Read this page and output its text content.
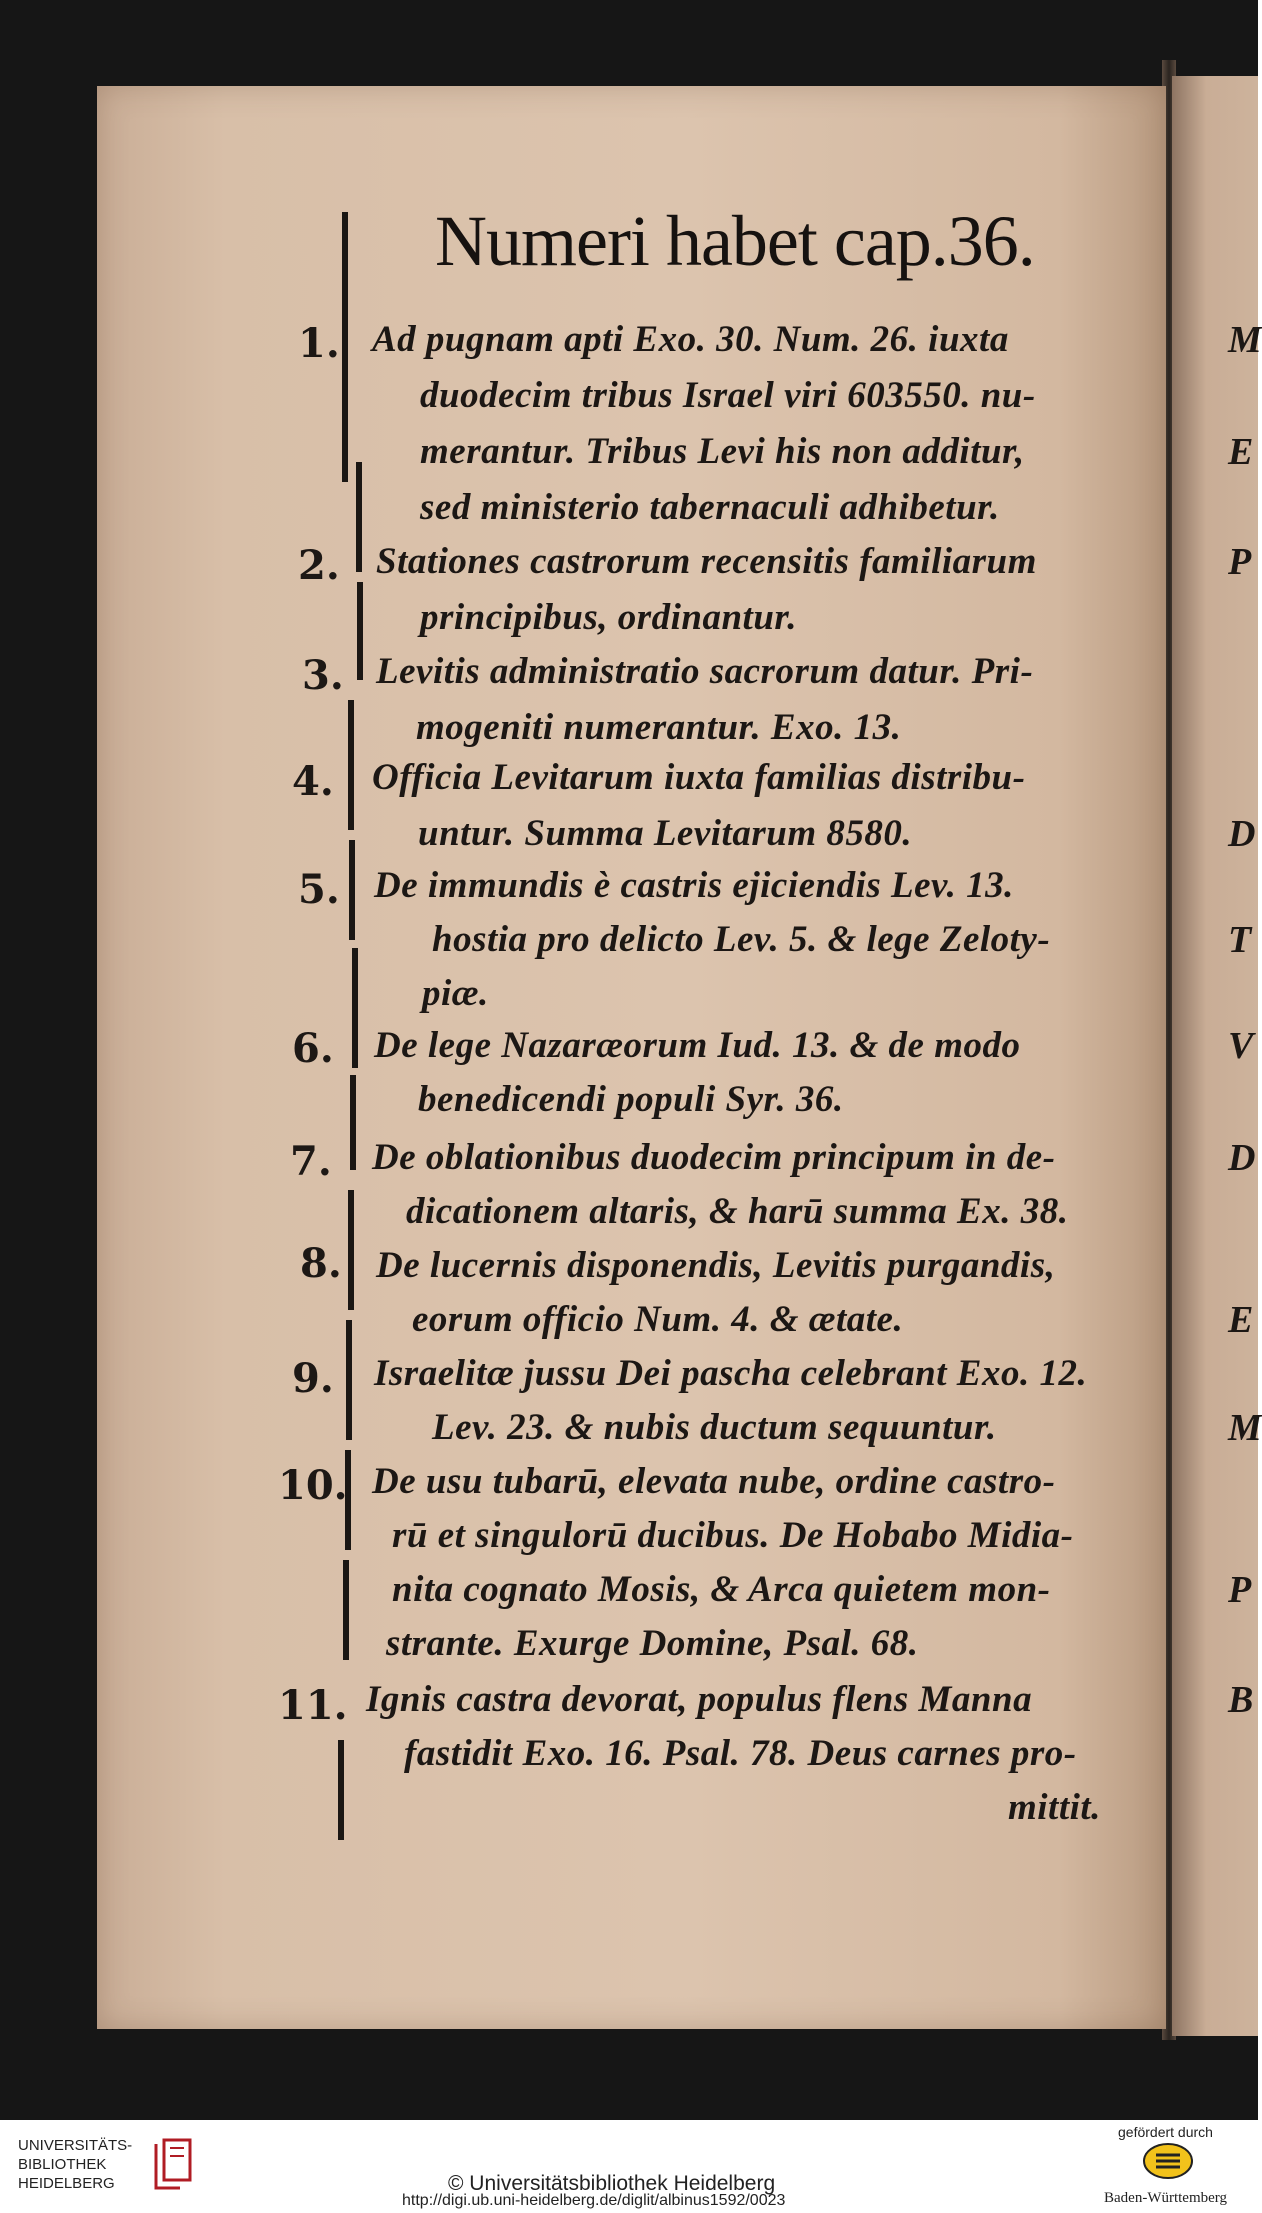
Numeri habet cap.36.
1.
2.
3.
4.
5.
6.
7.
8.
9.
10.
11.
Ad pugnam apti Exo. 30. Num. 26. iuxta
duodecim tribus Israel viri 603550. nu-
merantur. Tribus Levi his non additur,
sed ministerio tabernaculi adhibetur.
Stationes castrorum recensitis familiarum
principibus, ordinantur.
Levitis administratio sacrorum datur. Pri-
mogeniti numerantur. Exo. 13.
Officia Levitarum iuxta familias distribu-
untur. Summa Levitarum 8580.
De immundis è castris ejiciendis Lev. 13.
hostia pro delicto Lev. 5. & lege Zeloty-
piæ.
De lege Nazaræorum Iud. 13. & de modo
benedicendi populi Syr. 36.
De oblationibus duodecim principum in de-
dicationem altaris, & harū summa Ex. 38.
De lucernis disponendis, Levitis purgandis,
eorum officio Num. 4. & ætate.
Israelitæ jussu Dei pascha celebrant Exo. 12.
Lev. 23. & nubis ductum sequuntur.
De usu tubarū, elevata nube, ordine castro-
rū et singulorū ducibus. De Hobabo Midia-
nita cognato Mosis, & Arca quietem mon-
strante. Exurge Domine, Psal. 68.
Ignis castra devorat, populus flens Manna
fastidit Exo. 16. Psal. 78. Deus carnes pro-
mittit.
M
E
P
D
T
V
D
E
M
P
B
UNIVERSITÄTS-
BIBLIOTHEK
HEIDELBERG	© Universitätsbibliothek Heidelberg
http://digi.ub.uni-heidelberg.de/diglit/albinus1592/0023
gefördert durch
Baden-Württemberg
